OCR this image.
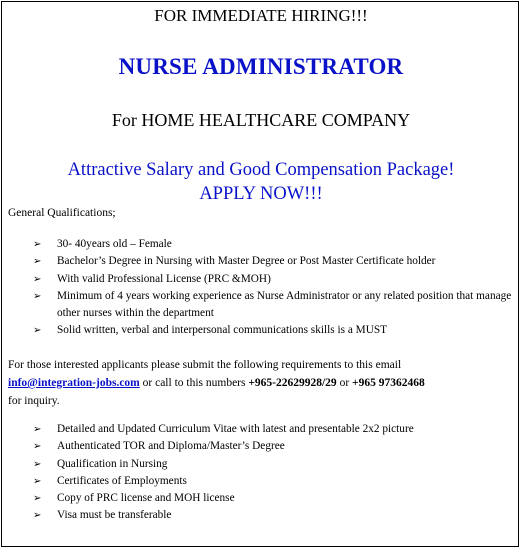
FOR IMMEDIATE HIRING!!!
NURSE ADMINISTRATOR
For HOME HEALTHCARE COMPANY
Attractive Salary and Good Compensation Package!
APPLY NOW!!!
General Qualifications;
➢ 30- 40years old – Female
➢ Bachelor’s Degree in Nursing with Master Degree or Post Master Certificate holder
➢ With valid Professional License (PRC &MOH)
➢ Minimum of 4 years working experience as Nurse Administrator or any related position that manage other nurses within the department
➢ Solid written, verbal and interpersonal communications skills is a MUST
For those interested applicants please submit the following requirements to this email
info@integration-jobs.com or call to this numbers +965-22629928/29 or +965 97362468
for inquiry.
➢ Detailed and Updated Curriculum Vitae with latest and presentable 2x2 picture
➢ Authenticated TOR and Diploma/Master’s Degree
➢ Qualification in Nursing
➢ Certificates of Employments
➢ Copy of PRC license and MOH license
➢ Visa must be transferable
